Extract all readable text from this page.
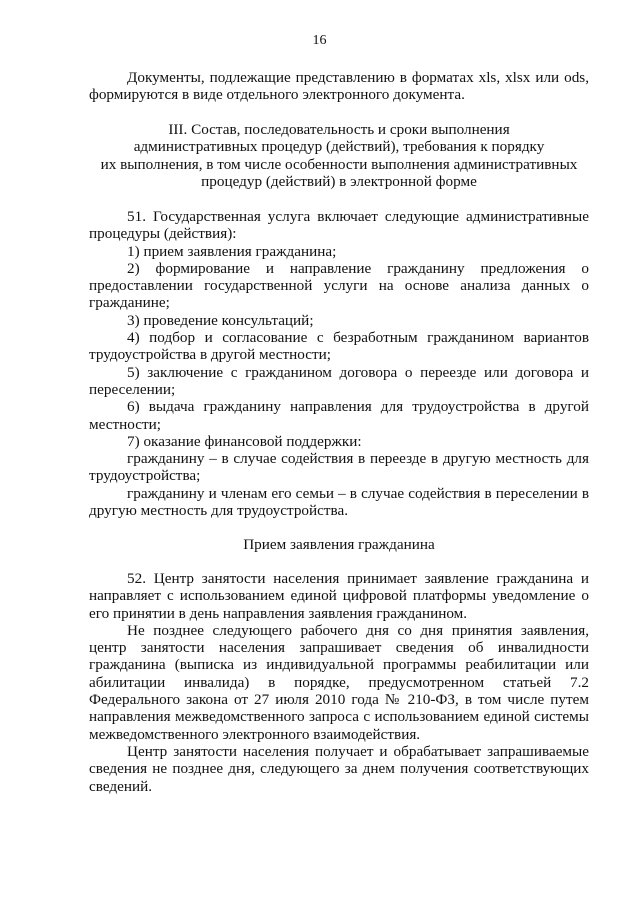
16

Документы, подлежащие представлению в форматах xls, xlsx или ods,

формируются в виде отдельного электронного документа.

III. Состав, последовательность и сроки выполнения

административных процедур (действий), требования к порядку

их выполнения, в том числе особенности выполнения административных

процедур (действий) в электронной форме

51. Государственная услуга включает следующие административные процедуры (действия):

1) прием заявления гражданина;

2) формирование и направление гражданину предложения о предоставлении государственной услуги на основе анализа данных о гражданине;

3) проведение консультаций;

4) подбор и согласование с безработным гражданином вариантов трудоустройства в другой местности;

5) заключение с гражданином договора о переезде или договора и переселении;

6) выдача гражданину направления для трудоустройства в другой местности;

7) оказание финансовой поддержки:

гражданину – в случае содействия в переезде в другую местность для трудоустройства;

гражданину и членам его семьи – в случае содействия в переселении в другую местность для трудоустройства.

Прием заявления гражданина

52. Центр занятости населения принимает заявление гражданина и направляет с использованием единой цифровой платформы уведомление о его принятии в день направления заявления гражданином.

Не позднее следующего рабочего дня со дня принятия заявления, центр занятости населения запрашивает сведения об инвалидности гражданина (выписка из индивидуальной программы реабилитации или абилитации инвалида) в порядке, предусмотренном статьей 7.2 Федерального закона от 27 июля 2010 года № 210-ФЗ, в том числе путем направления межведомственного запроса с использованием единой системы межведомственного электронного взаимодействия.

Центр занятости населения получает и обрабатывает запрашиваемые сведения не позднее дня, следующего за днем получения соответствующих сведений.
